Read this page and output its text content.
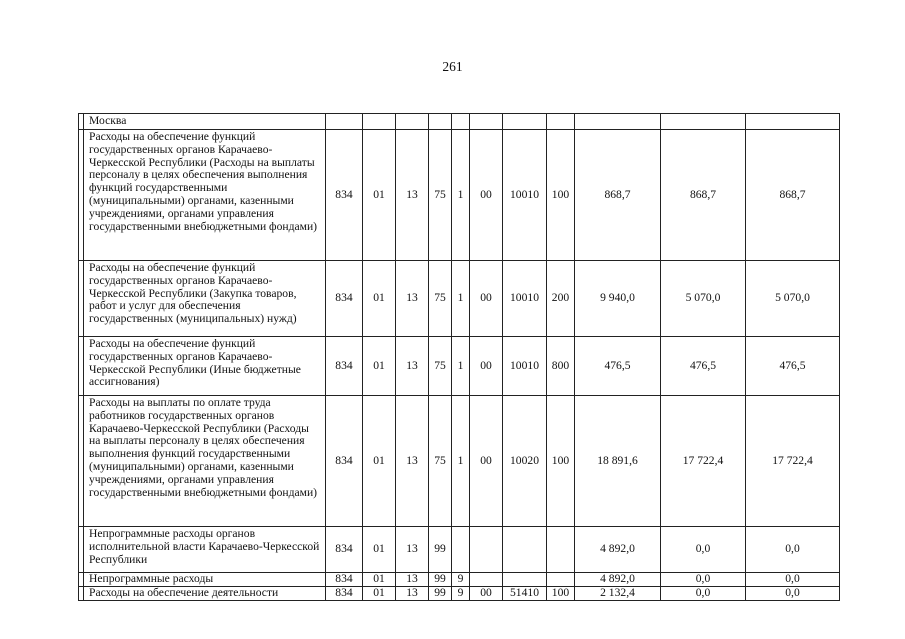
261
	Москва											
	Расходы на обеспечение функций государственных органов Карачаево-Черкесской Республики (Расходы на выплаты персоналу в целях обеспечения выполнения функций государственными (муниципальными) органами, казенными учреждениями, органами управления государственными внебюджетными фондами)	834	01	13	75	1	00	10010	100	868,7	868,7	868,7
	Расходы на обеспечение функций государственных органов Карачаево-Черкесской Республики (Закупка товаров, работ и услуг для обеспечения государственных (муниципальных) нужд)	834	01	13	75	1	00	10010	200	9 940,0	5 070,0	5 070,0
	Расходы на обеспечение функций государственных органов Карачаево-Черкесской Республики (Иные бюджетные ассигнования)	834	01	13	75	1	00	10010	800	476,5	476,5	476,5
	Расходы на выплаты по оплате труда работников государственных органов Карачаево-Черкесской Республики (Расходы на выплаты персоналу в целях обеспечения выполнения функций государственными (муниципальными) органами, казенными учреждениями, органами управления государственными внебюджетными фондами)	834	01	13	75	1	00	10020	100	18 891,6	17 722,4	17 722,4
	Непрограммные расходы органов исполнительной власти Карачаево-Черкесской Республики	834	01	13	99					4 892,0	0,0	0,0
	Непрограммные расходы	834	01	13	99	9				4 892,0	0,0	0,0
	Расходы на обеспечение деятельности	834	01	13	99	9	00	51410	100	2 132,4	0,0	0,0
